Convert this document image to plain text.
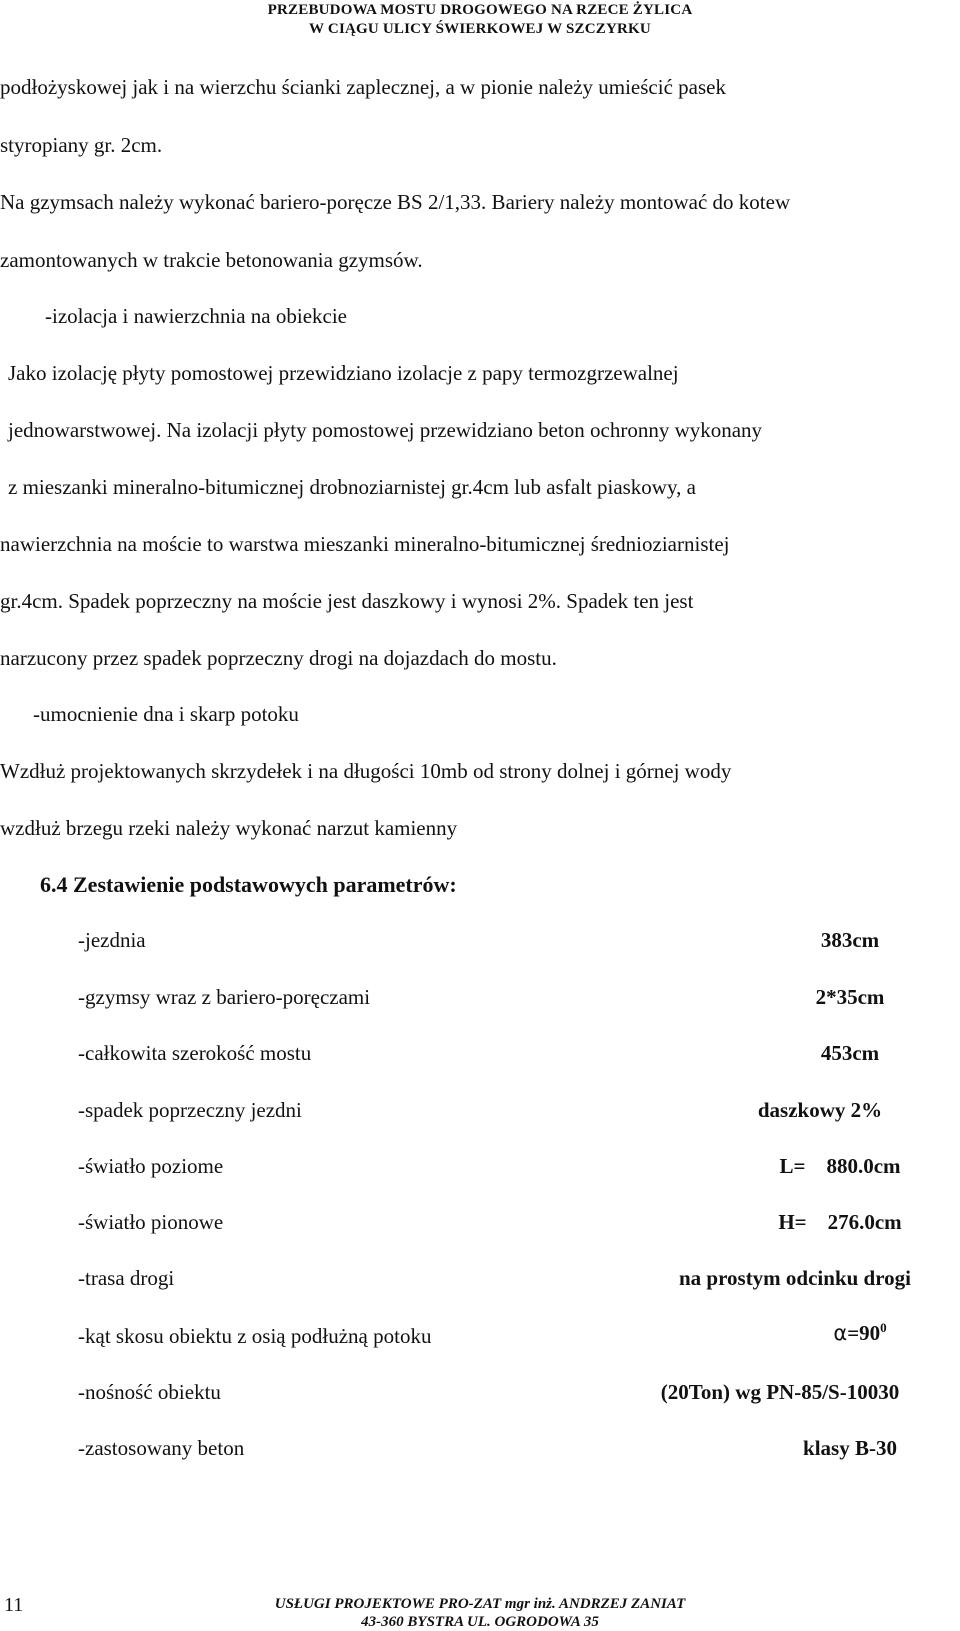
PRZEBUDOWA MOSTU DROGOWEGO NA RZECE ŻYLICA
W CIĄGU ULICY ŚWIERKOWEJ W SZCZYRKU
podłożyskowej jak i na wierzchu ścianki zaplecznej, a w pionie należy umieścić pasek
styropiany gr. 2cm.
Na gzymsach należy wykonać bariero-poręcze BS 2/1,33. Bariery należy montować do kotew
zamontowanych w trakcie betonowania gzymsów.
-izolacja i nawierzchnia na obiekcie
Jako izolację płyty pomostowej przewidziano izolacje z papy termozgrzewalnej
jednowarstwowej. Na izolacji płyty pomostowej przewidziano beton ochronny wykonany
z mieszanki mineralno-bitumicznej drobnoziarnistej gr.4cm lub asfalt piaskowy, a
nawierzchnia na moście to warstwa mieszanki mineralno-bitumicznej średnioziarnistej
gr.4cm. Spadek poprzeczny na moście jest daszkowy i wynosi 2%. Spadek ten jest
narzucony przez spadek poprzeczny drogi na dojazdach do mostu.
-umocnienie dna i skarp potoku
Wzdłuż projektowanych skrzydełek i na długości 10mb od strony dolnej i górnej wody
wzdłuż brzegu rzeki należy wykonać narzut kamienny
6.4 Zestawienie podstawowych parametrów:
-jezdnia	383cm
-gzymsy wraz z bariero-poręczami	2*35cm
-całkowita szerokość mostu	453cm
-spadek poprzeczny jezdni	daszkowy 2%
-światło poziome	L=    880.0cm
-światło pionowe	H=    276.0cm
-trasa drogi	na prostym odcinku drogi
-kąt skosu obiektu z osią podłużną potoku	$\alpha=90^0$
-nośność obiektu	(20Ton) wg PN-85/S-10030
-zastosowany beton	klasy B-30
11	USŁUGI PROJEKTOWE PRO-ZAT mgr inż. ANDRZEJ ZANIAT
43-360 BYSTRA UL. OGRODOWA 35
